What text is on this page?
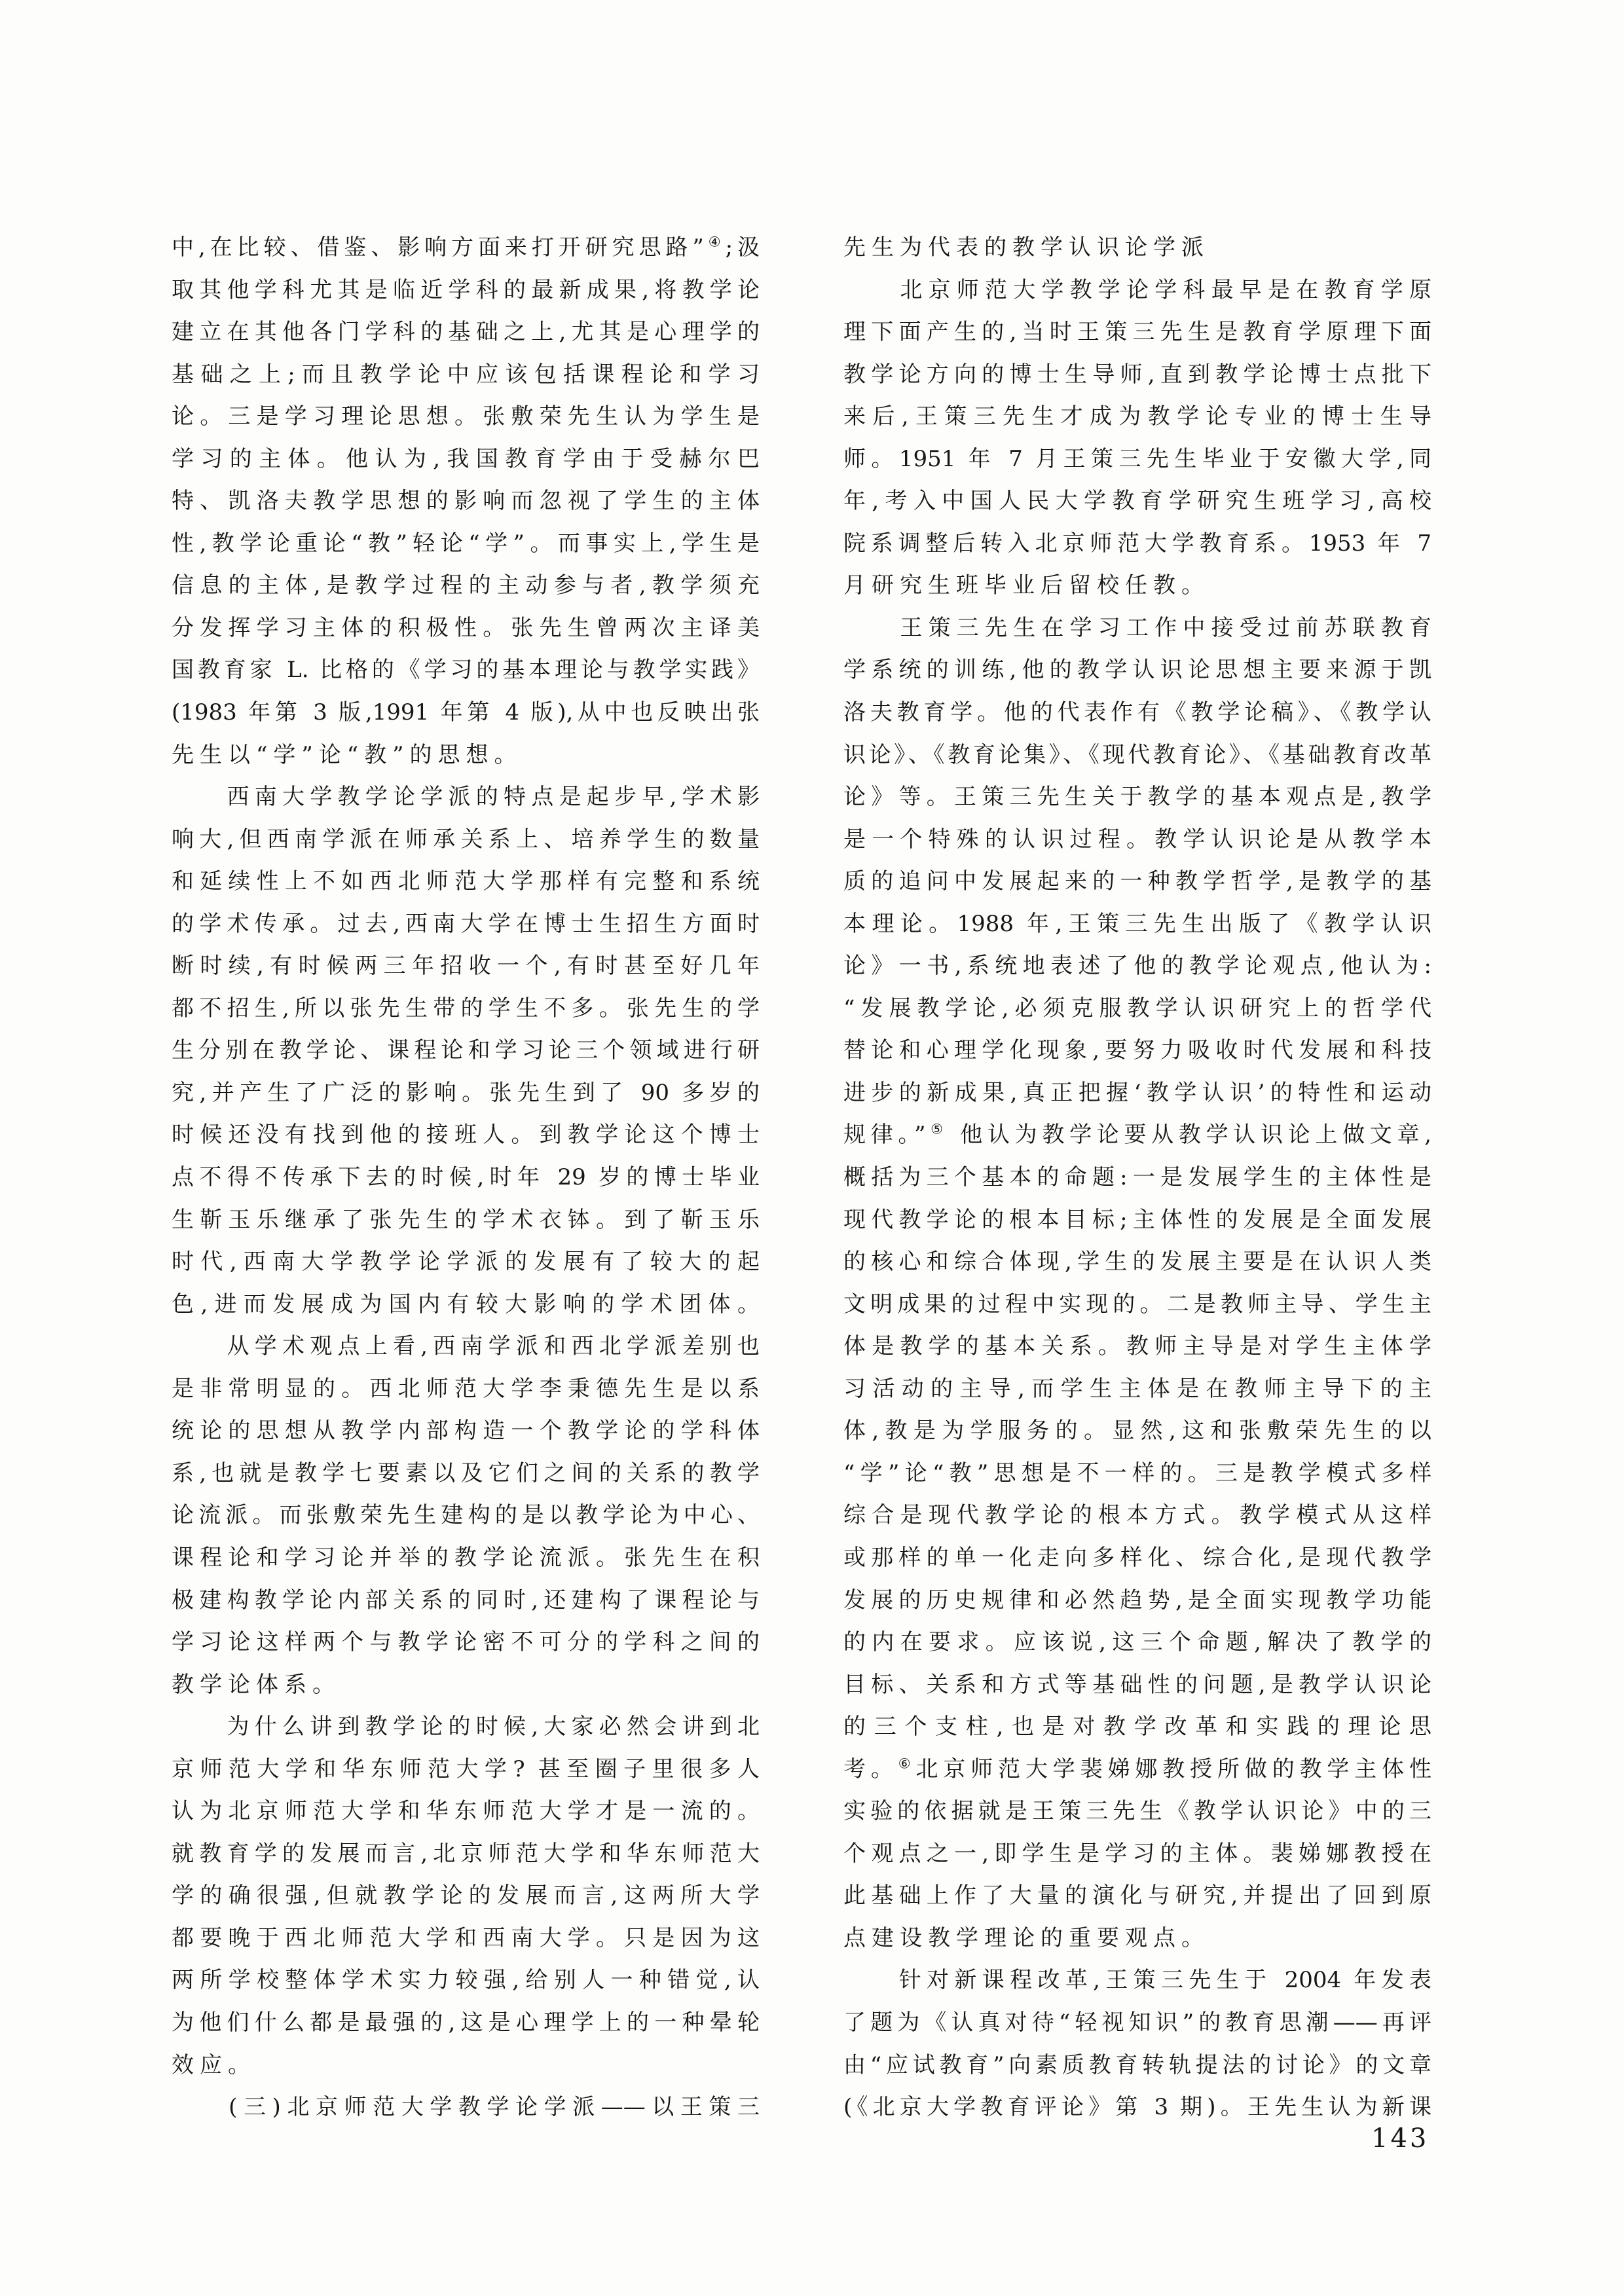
中,在比较、借鉴、影响方面来打开研究思路”④;汲
取其他学科尤其是临近学科的最新成果,将教学论
建立在其他各门学科的基础之上,尤其是心理学的
基础之上;而且教学论中应该包括课程论和学习
论。三是学习理论思想。张敷荣先生认为学生是
学习的主体。他认为,我国教育学由于受赫尔巴
特、凯洛夫教学思想的影响而忽视了学生的主体
性,教学论重论“教”轻论“学”。而事实上,学生是
信息的主体,是教学过程的主动参与者,教学须充
分发挥学习主体的积极性。张先生曾两次主译美
国教育家 L. 比格的《学习的基本理论与教学实践》
(1983 年第 3 版,1991 年第 4 版),从中也反映出张
先生以“学”论“教”的思想。
　　西南大学教学论学派的特点是起步早,学术影
响大,但西南学派在师承关系上、培养学生的数量
和延续性上不如西北师范大学那样有完整和系统
的学术传承。过去,西南大学在博士生招生方面时
断时续,有时候两三年招收一个,有时甚至好几年
都不招生,所以张先生带的学生不多。张先生的学
生分别在教学论、课程论和学习论三个领域进行研
究,并产生了广泛的影响。张先生到了 90 多岁的
时候还没有找到他的接班人。到教学论这个博士
点不得不传承下去的时候,时年 29 岁的博士毕业
生靳玉乐继承了张先生的学术衣钵。到了靳玉乐
时代,西南大学教学论学派的发展有了较大的起
色,进而发展成为国内有较大影响的学术团体。
　　从学术观点上看,西南学派和西北学派差别也
是非常明显的。西北师范大学李秉德先生是以系
统论的思想从教学内部构造一个教学论的学科体
系,也就是教学七要素以及它们之间的关系的教学
论流派。而张敷荣先生建构的是以教学论为中心、
课程论和学习论并举的教学论流派。张先生在积
极建构教学论内部关系的同时,还建构了课程论与
学习论这样两个与教学论密不可分的学科之间的
教学论体系。
　　为什么讲到教学论的时候,大家必然会讲到北
京师范大学和华东师范大学? 甚至圈子里很多人
认为北京师范大学和华东师范大学才是一流的。
就教育学的发展而言,北京师范大学和华东师范大
学的确很强,但就教学论的发展而言,这两所大学
都要晚于西北师范大学和西南大学。只是因为这
两所学校整体学术实力较强,给别人一种错觉,认
为他们什么都是最强的,这是心理学上的一种晕轮
效应。
　　(三)北京师范大学教学论学派——以王策三
先生为代表的教学认识论学派
　　北京师范大学教学论学科最早是在教育学原
理下面产生的,当时王策三先生是教育学原理下面
教学论方向的博士生导师,直到教学论博士点批下
来后,王策三先生才成为教学论专业的博士生导
师。1951 年 7 月王策三先生毕业于安徽大学,同
年,考入中国人民大学教育学研究生班学习,高校
院系调整后转入北京师范大学教育系。1953 年 7
月研究生班毕业后留校任教。
　　王策三先生在学习工作中接受过前苏联教育
学系统的训练,他的教学认识论思想主要来源于凯
洛夫教育学。他的代表作有《教学论稿》、《教学认
识论》、《教育论集》、《现代教育论》、《基础教育改革
论》等。王策三先生关于教学的基本观点是,教学
是一个特殊的认识过程。教学认识论是从教学本
质的追问中发展起来的一种教学哲学,是教学的基
本理论。1988 年,王策三先生出版了《教学认识
论》一书,系统地表述了他的教学论观点,他认为:
“发展教学论,必须克服教学认识研究上的哲学代
替论和心理学化现象,要努力吸收时代发展和科技
进步的新成果,真正把握‘教学认识’的特性和运动
规律。”⑤ 他认为教学论要从教学认识论上做文章,
概括为三个基本的命题:一是发展学生的主体性是
现代教学论的根本目标;主体性的发展是全面发展
的核心和综合体现,学生的发展主要是在认识人类
文明成果的过程中实现的。二是教师主导、学生主
体是教学的基本关系。教师主导是对学生主体学
习活动的主导,而学生主体是在教师主导下的主
体,教是为学服务的。显然,这和张敷荣先生的以
“学”论“教”思想是不一样的。三是教学模式多样
综合是现代教学论的根本方式。教学模式从这样
或那样的单一化走向多样化、综合化,是现代教学
发展的历史规律和必然趋势,是全面实现教学功能
的内在要求。应该说,这三个命题,解决了教学的
目标、关系和方式等基础性的问题,是教学认识论
的三个支柱,也是对教学改革和实践的理论思
考。⑥北京师范大学裴娣娜教授所做的教学主体性
实验的依据就是王策三先生《教学认识论》中的三
个观点之一,即学生是学习的主体。裴娣娜教授在
此基础上作了大量的演化与研究,并提出了回到原
点建设教学理论的重要观点。
　　针对新课程改革,王策三先生于 2004 年发表
了题为《认真对待“轻视知识”的教育思潮——再评
由“应试教育”向素质教育转轨提法的讨论》的文章
(《北京大学教育评论》第 3 期)。王先生认为新课
143
